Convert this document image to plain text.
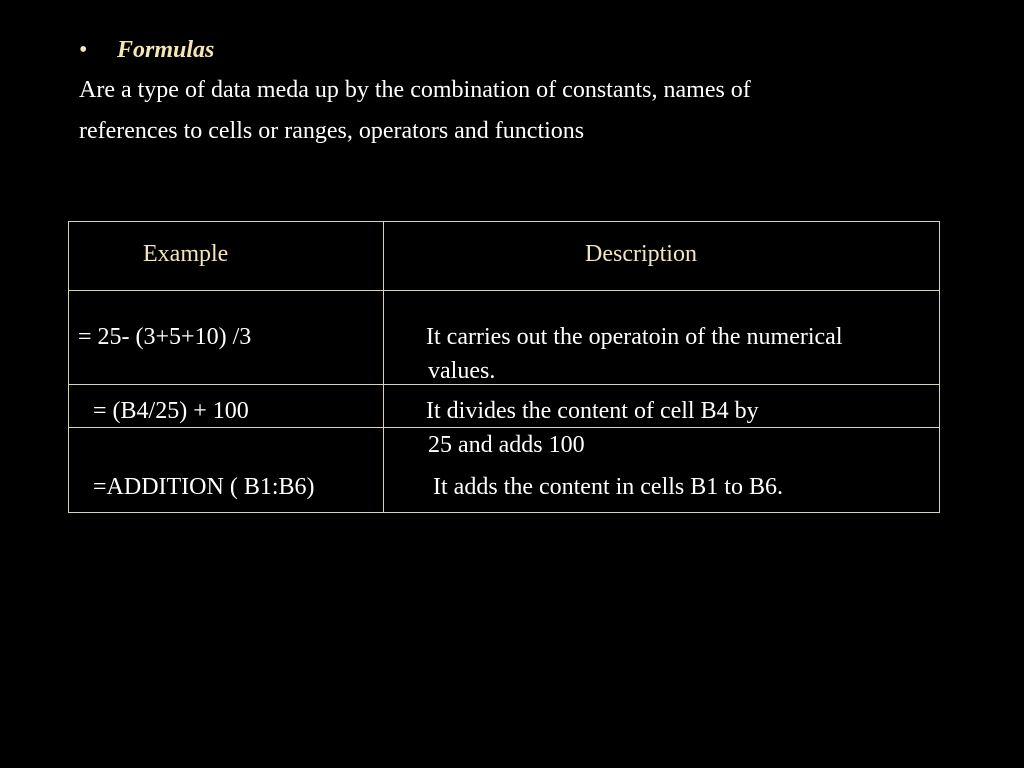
• Formulas
Are a type of data meda up by the combination of constants, names of
references to cells or ranges, operators and functions
Example	Description
= 25- (3+5+10) /3	It carries out the operatoin of the numerical
values.
= (B4/25) + 100	It divides the content of cell B4 by
25 and adds 100
=ADDITION ( B1:B6)	It adds the content in cells B1 to B6.
